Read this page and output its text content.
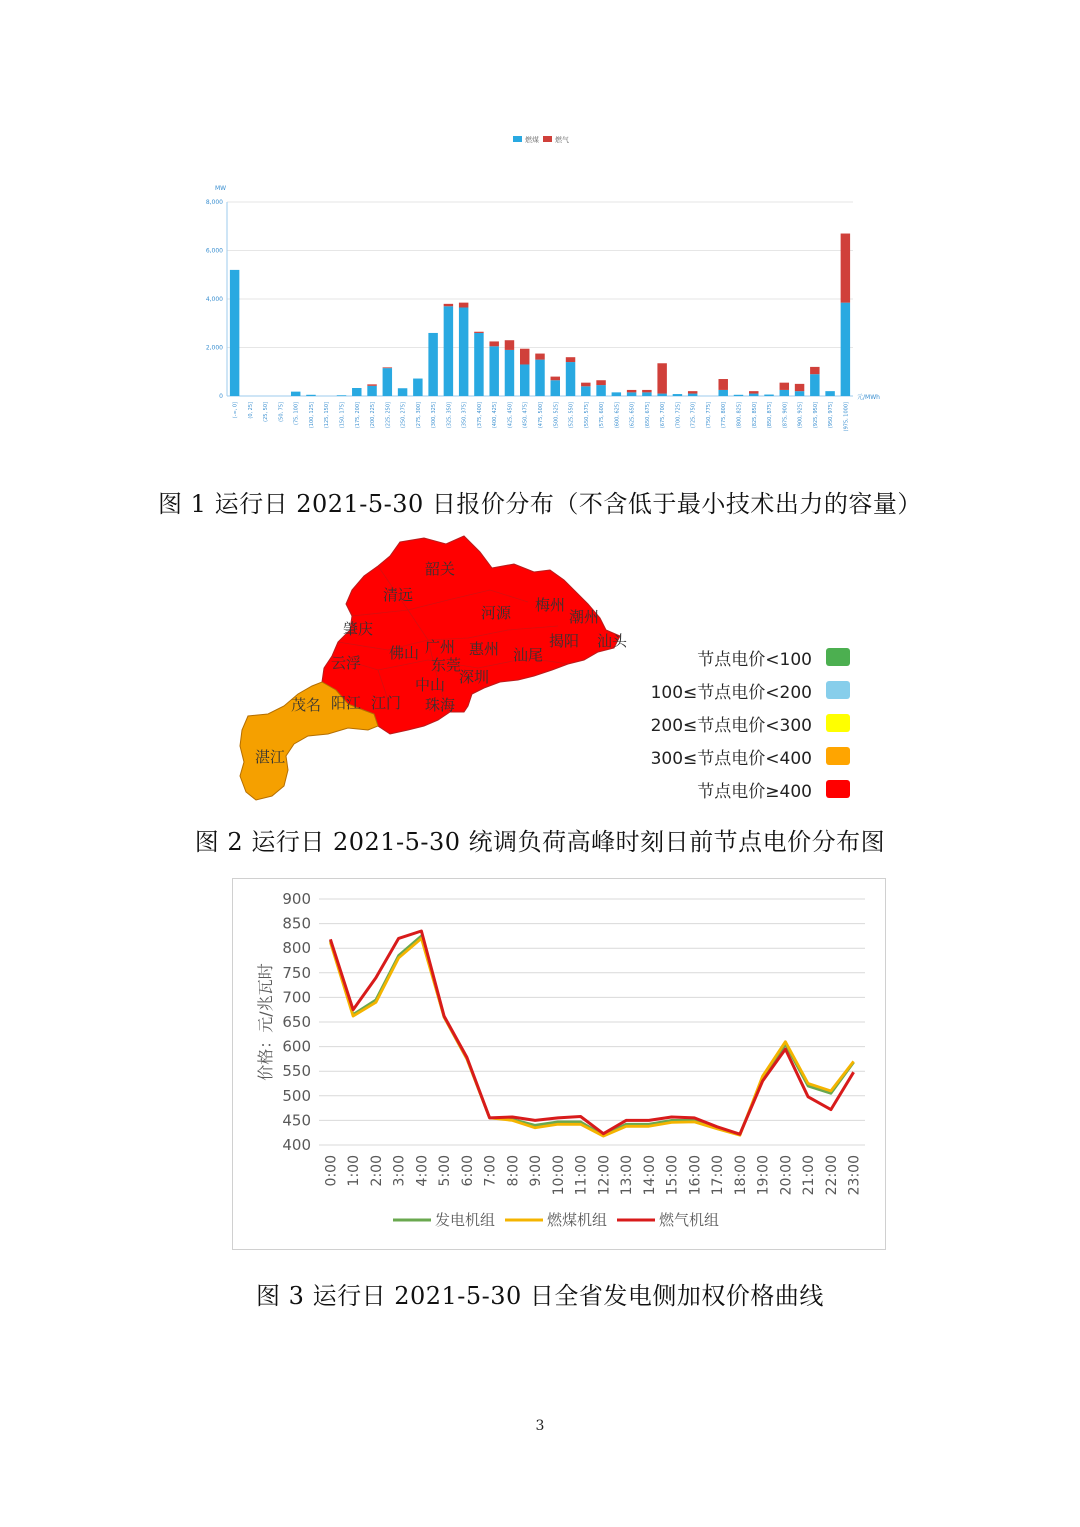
燃煤 燃气
MW
元/MWh
0
2,000
4,000
6,000
8,000
(-∞, 0] (0, 25] (25, 50] (50, 75] (75, 100] (100, 125] (125, 150] (150, 175] (175, 200] (200, 225] (225, 250] (250, 275] (275, 300] (300, 325] (325, 350] (350, 375] (375, 400] (400, 425] (425, 450] (450, 475] (475, 500] (500, 525] (525, 550] (550, 575] (575, 600] (600, 625] (625, 650] (650, 675] (675, 700] (700, 725] (725, 750] (750, 775] (775, 800] (800, 825] (825, 850] (850, 875] (875, 900] (900, 925] (925, 950] (950, 975] (975, 1000]
图 1 运行日 2021-5-30 日报价分布（不含低于最小技术出力的容量）
清远
韶关
河源 梅州
潮州
汕头
揭阳
肇庆
云浮
佛山 广州
东莞
惠州 汕尾
中山
江门
深圳
珠海
茂名 阳江
湛江
节点电价<100
100≤节点电价<200
200≤节点电价<300
300≤节点电价<400
节点电价≥400
图 2 运行日 2021-5-30 统调负荷高峰时刻日前节点电价分布图
400
450
500
550
600
650
700
750
800
850
900
价格：元/兆瓦时
0:00 1:00 2:00 3:00 4:00 5:00 6:00 7:00 8:00 9:00 10:00 11:00 12:00 13:00 14:00 15:00 16:00 17:00 18:00 19:00 20:00 21:00 22:00 23:00
发电机组	燃煤机组	燃气机组
图 3 运行日 2021-5-30 日全省发电侧加权价格曲线
3
